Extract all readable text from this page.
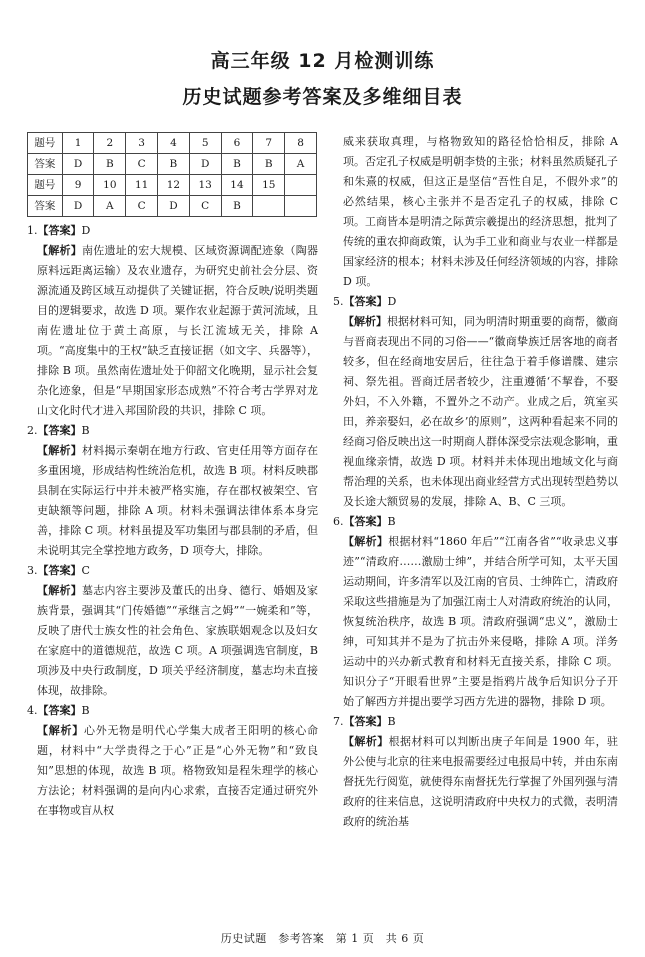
高三年级 12 月检测训练
历史试题参考答案及多维细目表
题号	1	2	3	4	5	6	7	8
答案	D	B	C	B	D	B	B	A
题号	9	10	11	12	13	14	15	
答案	D	A	C	D	C	B		

1.【答案】D

【解析】南佐遗址的宏大规模、区域资源调配迹象（陶器原料远距离运输）及农业遗存，为研究史前社会分层、资源流通及跨区域互动提供了关键证据，符合反映/说明类题目的逻辑要求，故选 D 项。粟作农业起源于黄河流域，且南佐遗址位于黄土高原，与长江流域无关，排除 A 项。“高度集中的王权”缺乏直接证据（如文字、兵器等），排除 B 项。虽然南佐遗址处于仰韶文化晚期，显示社会复杂化迹象，但是“早期国家形态成熟”不符合考古学界对龙山文化时代才进入邦国阶段的共识，排除 C 项。

2.【答案】B

【解析】材料揭示秦朝在地方行政、官吏任用等方面存在多重困境，形成结构性统治危机，故选 B 项。材料反映郡县制在实际运行中并未被严格实施，存在郡权被架空、官吏缺额等问题，排除 A 项。材料未强调法律体系本身完善，排除 C 项。材料虽提及军功集团与郡县制的矛盾，但未说明其完全掌控地方政务，D 项夸大，排除。

3.【答案】C

【解析】墓志内容主要涉及董氏的出身、德行、婚姻及家族背景，强调其“门传婚德”“承继言之姆”“一婉柔和”等，反映了唐代士族女性的社会角色、家族联姻观念以及妇女在家庭中的道德规范，故选 C 项。A 项强调选官制度，B 项涉及中央行政制度，D 项关乎经济制度，墓志均未直接体现，故排除。

4.【答案】B

【解析】心外无物是明代心学集大成者王阳明的核心命题，材料中“大学贵得之于心”正是“心外无物”和“致良知”思想的体现，故选 B 项。格物致知是程朱理学的核心方法论；材料强调的是向内心求索，直接否定通过研究外在事物或盲从权

威来获取真理，与格物致知的路径恰恰相反，排除 A 项。否定孔子权威是明朝李贽的主张；材料虽然质疑孔子和朱熹的权威，但这正是坚信“吾性自足，不假外求”的必然结果，核心主张并不是否定孔子的权威，排除 C 项。工商皆本是明清之际黄宗羲提出的经济思想，批判了传统的重农抑商政策，认为手工业和商业与农业一样都是国家经济的根本；材料未涉及任何经济领域的内容，排除 D 项。

5.【答案】D

【解析】根据材料可知，同为明清时期重要的商帮，徽商与晋商表现出不同的习俗——“徽商挚族迁居客地的商者较多，但在经商地安居后，往往急于着手修谱牒、建宗祠、祭先祖。晋商迁居者较少，注重遵循‘不挈眷，不娶外妇，不入外籍，不置外之不动产。业成之后，筑室买田，养亲娶妇，必在故乡’的原则”，这两种看起来不同的经商习俗反映出这一时期商人群体深受宗法观念影响，重视血缘亲情，故选 D 项。材料并未体现出地域文化与商帮治理的关系，也未体现出商业经营方式出现转型趋势以及长途大额贸易的发展，排除 A、B、C 三项。

6.【答案】B

【解析】根据材料“1860 年后”“江南各省”“收录忠义事迹”“清政府……激励士绅”，并结合所学可知，太平天国运动期间，许多清军以及江南的官员、士绅阵亡，清政府采取这些措施是为了加强江南士人对清政府统治的认同，恢复统治秩序，故选 B 项。清政府强调“忠义”，激励士绅，可知其并不是为了抗击外来侵略，排除 A 项。洋务运动中的兴办新式教育和材料无直接关系，排除 C 项。知识分子“开眼看世界”主要是指鸦片战争后知识分子开始了解西方并提出要学习西方先进的器物，排除 D 项。

7.【答案】B

【解析】根据材料可以判断出庚子年间是 1900 年，驻外公使与北京的往来电报需要经过电报局中转，并由东南督抚先行阅览，就使得东南督抚先行掌握了外国列强与清政府的往来信息，这说明清政府中央权力的式微，表明清政府的统治基

历史试题　参考答案　第 1 页　共 6 页
